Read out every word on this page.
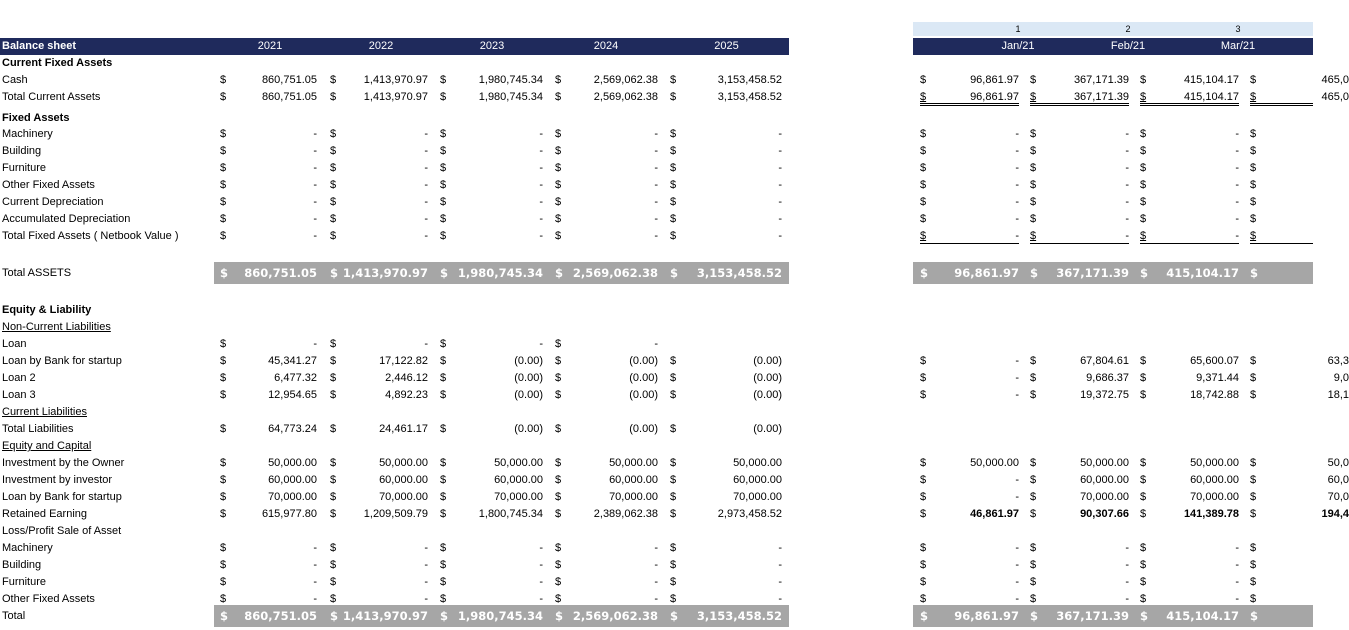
1	2	3
Balance sheet	2021	2022	2023	2024	2025	Jan/21	Feb/21	Mar/21
Current Fixed Assets
Cash	$	860,751.05 $	1,413,970.97 $	1,980,745.34 $	2,569,062.38 $	3,153,458.52	$	96,861.97 $	367,171.39 $	415,104.17 $	465,0
Total Current Assets	$	860,751.05 $	1,413,970.97 $	1,980,745.34 $	2,569,062.38 $	3,153,458.52	$	96,861.97 $	367,171.39 $	415,104.17 $	465,0
Fixed Assets
Machinery	$	- $	- $	- $	- $	-	$	- $	- $	- $
Building	$	- $	- $	- $	- $	-	$	- $	- $	- $
Furniture	$	- $	- $	- $	- $	-	$	- $	- $	- $
Other Fixed Assets	$	- $	- $	- $	- $	-	$	- $	- $	- $
Current Depreciation	$	- $	- $	- $	- $	-	$	- $	- $	- $
Accumulated Depreciation	$	- $	- $	- $	- $	-	$	- $	- $	- $
Total Fixed Assets ( Netbook Value )	$	- $	- $	- $	- $	-	$	- $	- $	- $
Total ASSETS	$	860,751.05 $ 1,413,970.97 $ 1,980,745.34 $ 2,569,062.38 $	3,153,458.52	$	96,861.97 $	367,171.39 $	415,104.17 $	465,0
Equity & Liability
Non-Current Liabilities
Loan	$	- $	- $	- $	-
Loan by Bank for startup	$	45,341.27 $	17,122.82 $	(0.00) $	(0.00) $	(0.00)	$	- $	67,804.61 $	65,600.07 $	63,3
Loan 2	$	6,477.32 $	2,446.12 $	(0.00) $	(0.00) $	(0.00)	$	- $	9,686.37 $	9,371.44 $	9,0
Loan 3	$	12,954.65 $	4,892.23 $	(0.00) $	(0.00) $	(0.00)	$	- $	19,372.75 $	18,742.88 $	18,1
Current Liabilities
Total Liabilities	$	64,773.24 $	24,461.17 $	(0.00) $	(0.00) $	(0.00)
Equity and Capital
Investment by the Owner	$	50,000.00 $	50,000.00 $	50,000.00 $	50,000.00 $	50,000.00	$	50,000.00 $	50,000.00 $	50,000.00 $	50,0
Investment by investor	$	60,000.00 $	60,000.00 $	60,000.00 $	60,000.00 $	60,000.00	$	- $	60,000.00 $	60,000.00 $	60,0
Loan by Bank for startup	$	70,000.00 $	70,000.00 $	70,000.00 $	70,000.00 $	70,000.00	$	- $	70,000.00 $	70,000.00 $	70,0
Retained Earning	$	615,977.80 $	1,209,509.79 $	1,800,745.34 $	2,389,062.38 $	2,973,458.52	$	46,861.97 $	90,307.66 $	141,389.78 $	194,4
Loss/Profit Sale of Asset
Machinery	$	- $	- $	- $	- $	-	$	- $	- $	- $
Building	$	- $	- $	- $	- $	-	$	- $	- $	- $
Furniture	$	- $	- $	- $	- $	-	$	- $	- $	- $
Other Fixed Assets	$	- $	- $	- $	- $	-	$	- $	- $	- $
Total	$	860,751.05 $ 1,413,970.97 $ 1,980,745.34 $ 2,569,062.38 $	3,153,458.52	$	96,861.97 $	367,171.39 $	415,104.17 $	465,0
